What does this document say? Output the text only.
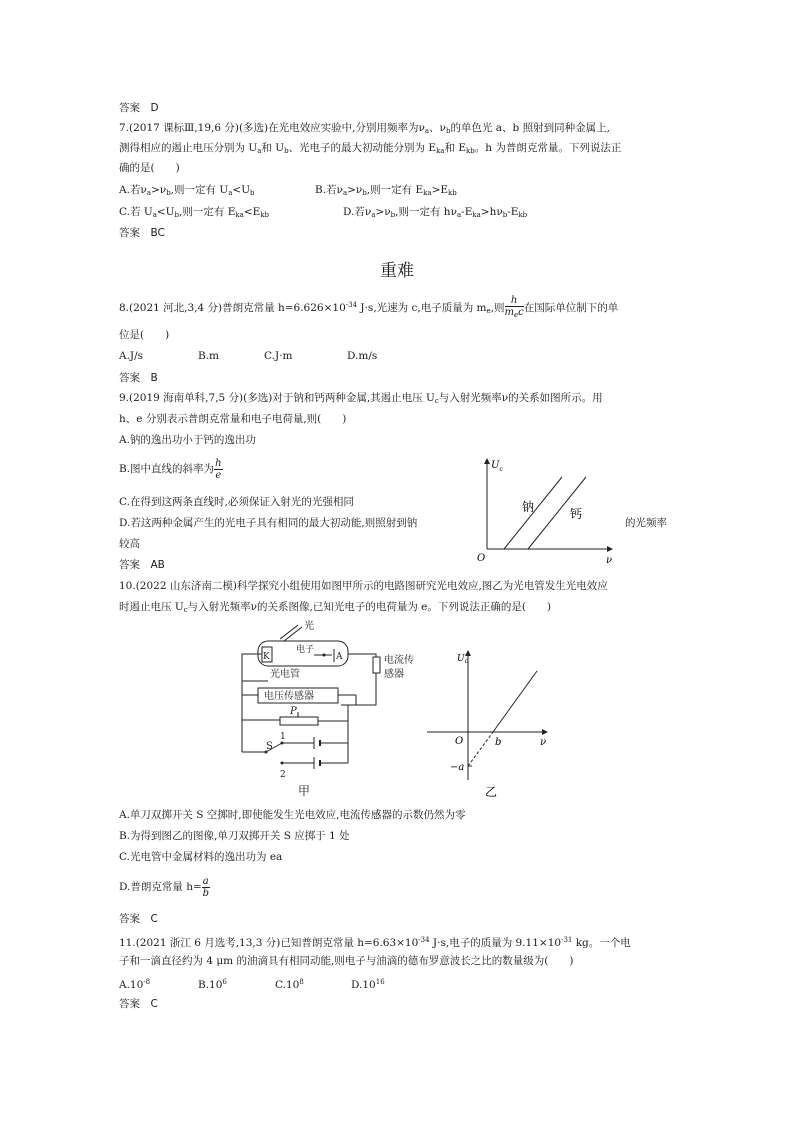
答案　D
7.(2017 课标Ⅲ,19,6 分)(多选)在光电效应实验中,分别用频率为$\nu_a$、$\nu_b$的单色光 a、b 照射到同种金属上,
测得相应的遏止电压分别为 $U_a$和 $U_b$、光电子的最大初动能分别为 $E_{ka}$和 $E_{kb}$。h 为普朗克常量。下列说法正
确的是(　　)
A.若$\nu_a>\nu_b$,则一定有 $U_a<U_b$	B.若$\nu_a>\nu_b$,则一定有 $E_{ka}>E_{kb}$
C.若 $U_a<U_b$,则一定有 $E_{ka}<E_{kb}$	D.若$\nu_a>\nu_b$,则一定有 $h\nu_a-E_{ka}>h\nu_b-E_{kb}$
答案　BC
重难
8.(2021 河北,3,4 分)普朗克常量 $h=6.626\times 10^{-34}$ J·s,光速为 c,电子质量为 $m_e$,则 $\frac{h}{m_ec}$ 在国际单位制下的单
位是(　　)
A.J/s	B.m	C.J·m	D.m/s
答案　B
9.(2019 海南单科,7,5 分)(多选)对于钠和钙两种金属,其遏止电压 $U_c$与入射光频率ν的关系如图所示。用
h、e 分别表示普朗克常量和电子电荷量,则(　　)
A.钠的逸出功小于钙的逸出功
B.图中直线的斜率为 $\frac{h}{e}$
C.在得到这两条直线时,必须保证入射光的光强相同
D.若这两种金属产生的光电子具有相同的最大初动能,则照射到钠	的光频率
较高
答案　AB
$U_c$
ν
O
钠	钙
10.(2022 山东济南二模)科学探究小组使用如图甲所示的电路图研究光电效应,图乙为光电管发生光电效应
时遏止电压 $U_c$与入射光频率ν的关系图像,已知光电子的电荷量为 e。下列说法正确的是(　　)
光
电子
K	A
光电管
电流传
感器
电压传感器
P
S
1
2
甲
$U_c$
ν
O	b
−a
乙
A.单刀双掷开关 S 空掷时,即使能发生光电效应,电流传感器的示数仍然为零
B.为得到图乙的图像,单刀双掷开关 S 应掷于 1 处
C.光电管中金属材料的逸出功为 ea
D.普朗克常量 $h= \frac{a}{b}$
答案　C
11.(2021 浙江 6 月选考,13,3 分)已知普朗克常量 $h=6.63\times 10^{-34}$ J·s,电子的质量为 $9.11\times 10^{-31}$ kg。一个电
子和一滴直径约为 4 μm 的油滴具有相同动能,则电子与油滴的德布罗意波长之比的数量级为(　　)
$A.10^{-8}$	$B.10^6$	$C.10^8$	$D.10^{16}$
答案　C
